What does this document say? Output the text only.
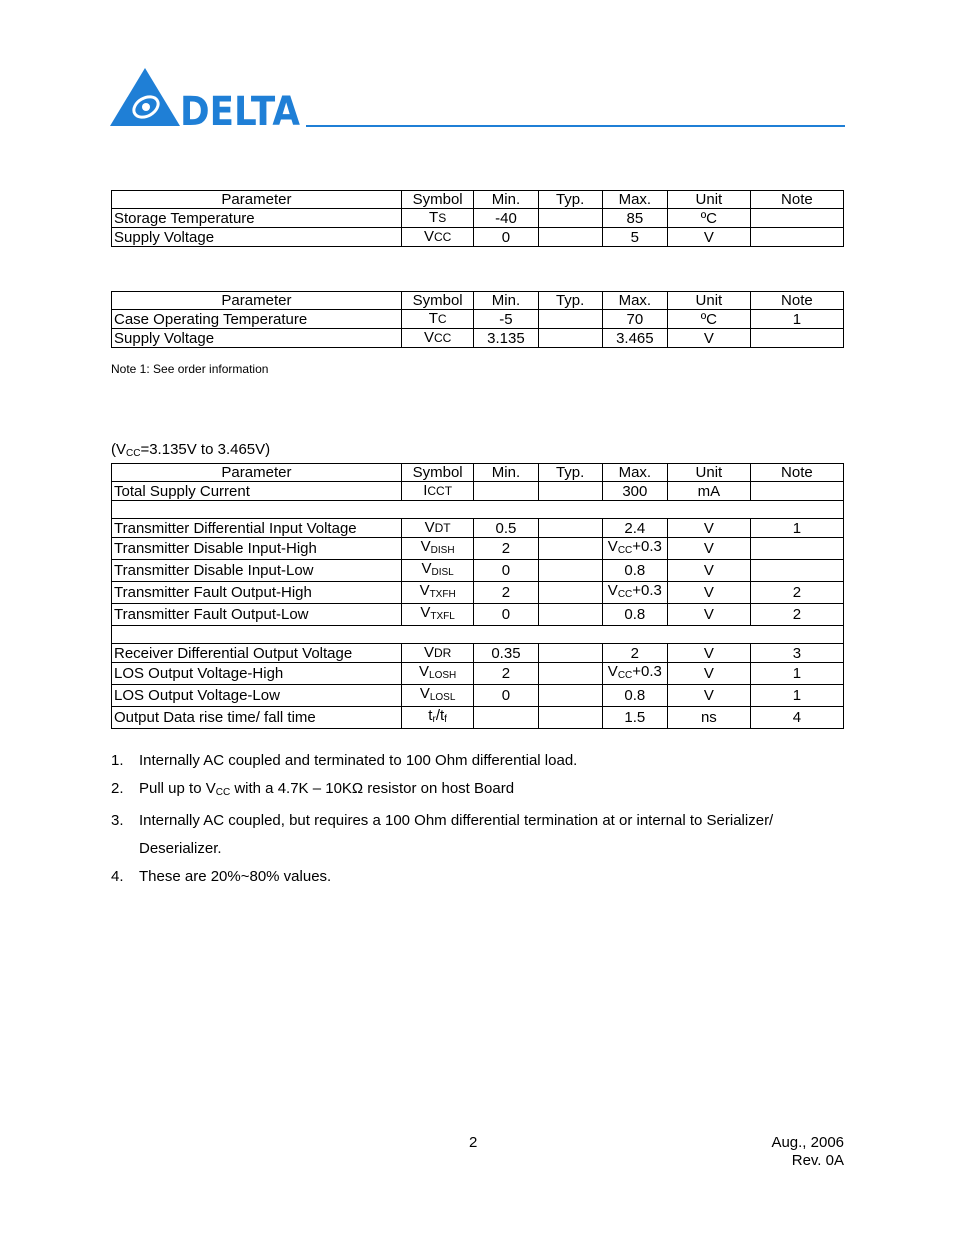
DELTA
Parameter	Symbol	Min.	Typ.	Max.	Unit	Note
Storage Temperature	TS	-40		85	ºC	
Supply Voltage	VCC	0		5	V	
Parameter	Symbol	Min.	Typ.	Max.	Unit	Note
Case Operating Temperature	TC	-5		70	ºC	1
Supply Voltage	VCC	3.135		3.465	V	
Note 1: See order information
(VCC=3.135V to 3.465V)
Parameter	Symbol	Min.	Typ.	Max.	Unit	Note
Total Supply Current	ICCT			300	mA	

Transmitter Differential Input Voltage	VDT	0.5		2.4	V	1
Transmitter Disable Input-High	VDISH	2		VCC+0.3	V	
Transmitter Disable Input-Low	VDISL	0		0.8	V	
Transmitter Fault Output-High	VTXFH	2		VCC+0.3	V	2
Transmitter Fault Output-Low	VTXFL	0		0.8	V	2

Receiver Differential Output Voltage	VDR	0.35		2	V	3
LOS Output Voltage-High	VLOSH	2		VCC+0.3	V	1
LOS Output Voltage-Low	VLOSL	0		0.8	V	1
Output Data rise time/ fall time	tr/tf			1.5	ns	4
1. Internally AC coupled and terminated to 100 Ohm differential load.
2. Pull up to VCC with a 4.7K – 10KΩ resistor on host Board
3. Internally AC coupled, but requires a 100 Ohm differential termination at or internal to Serializer/ Deserializer.
4. These are 20%~80% values.
2	Aug., 2006
Rev. 0A
